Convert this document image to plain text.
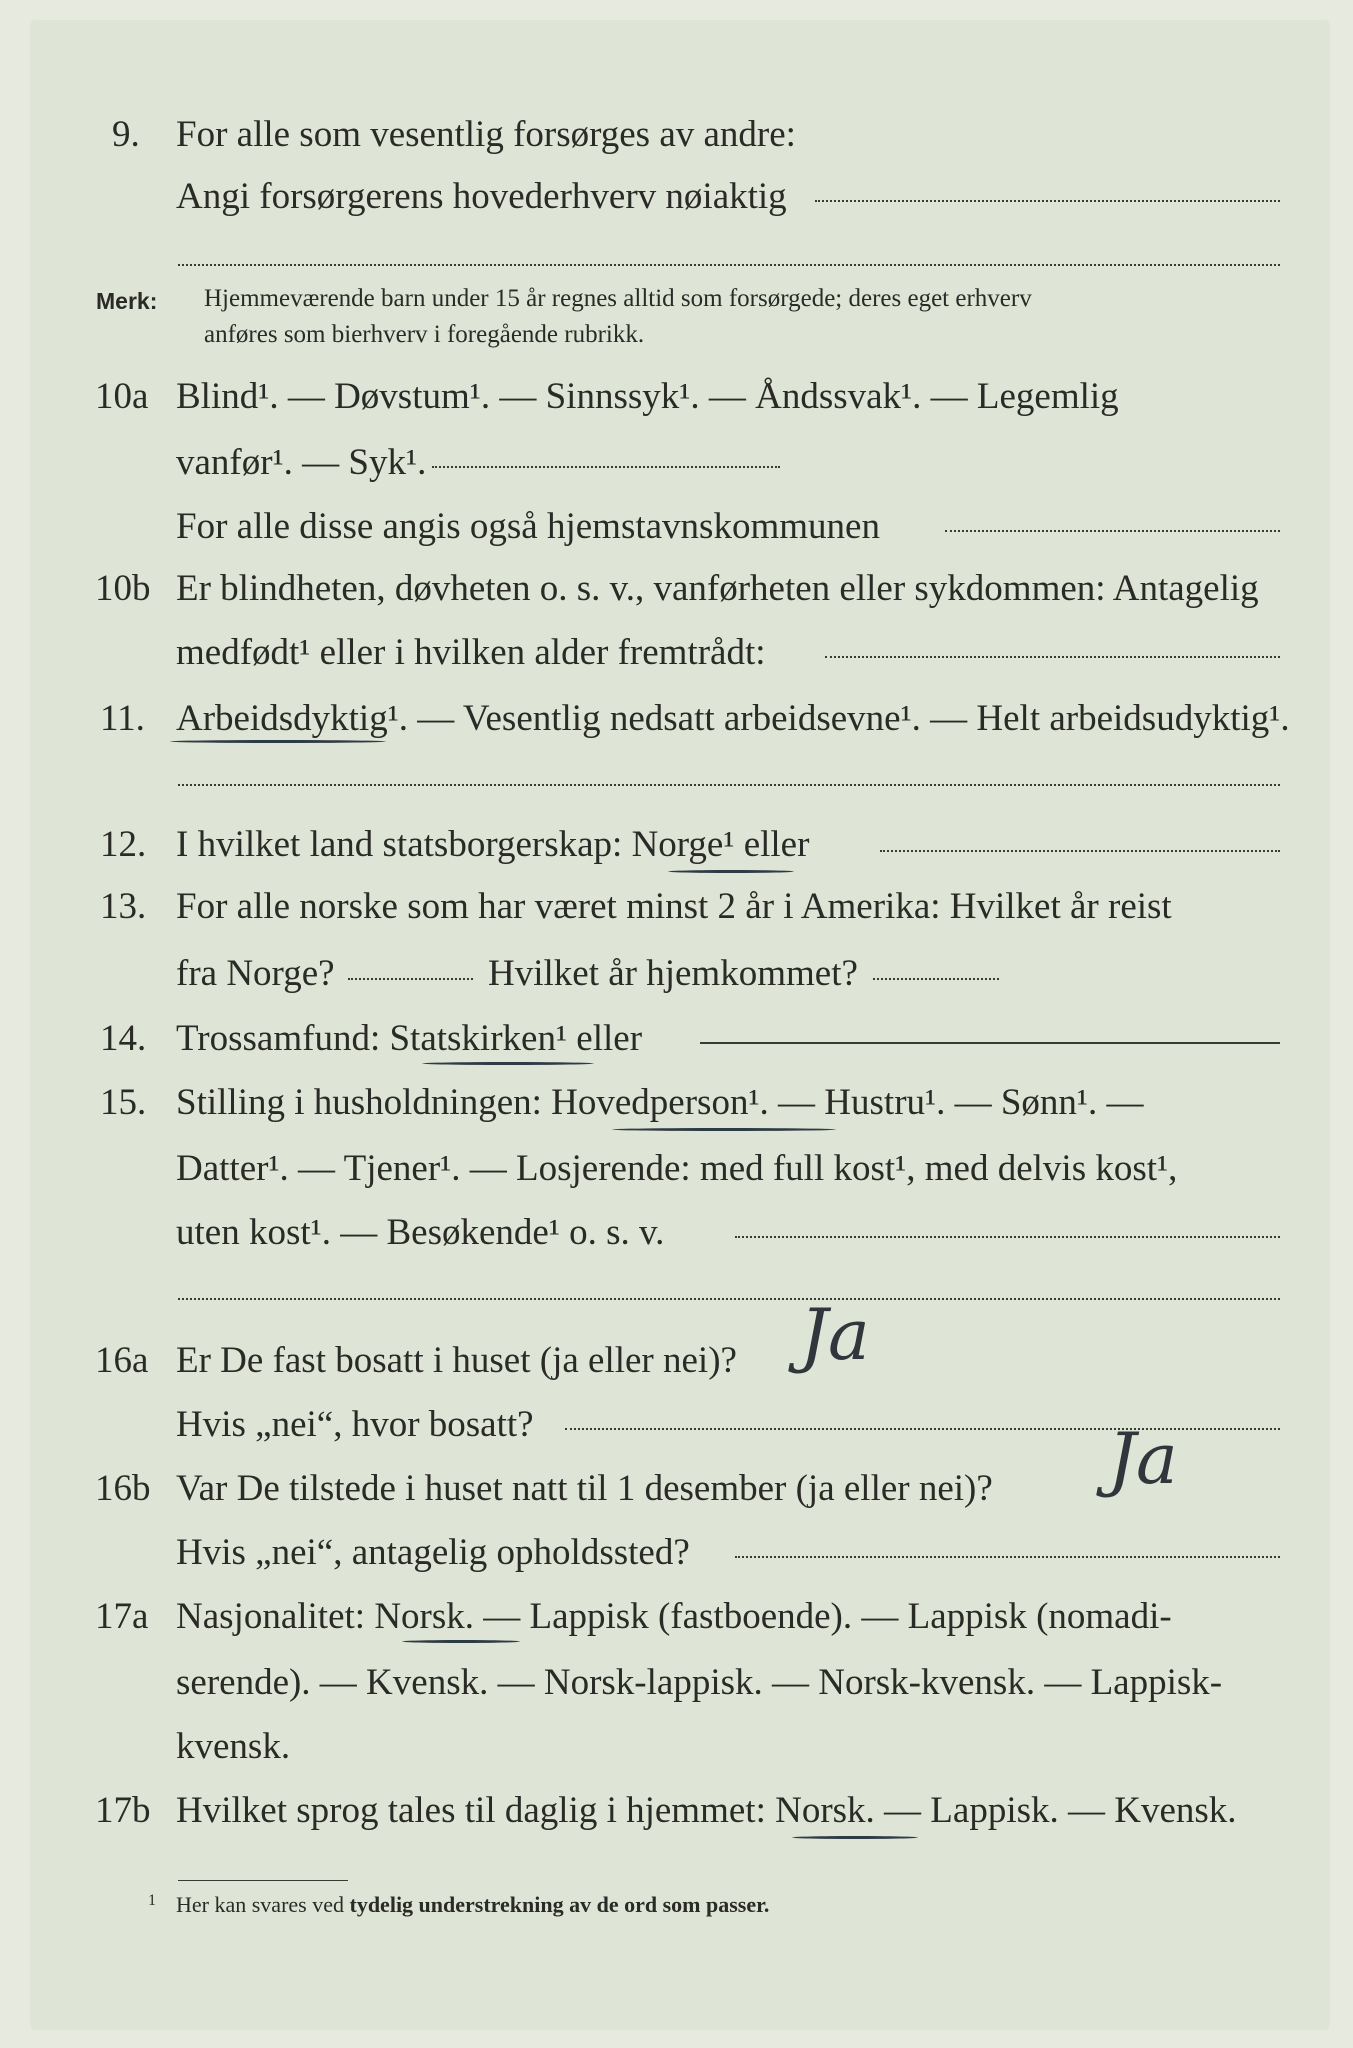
9. For alle som vesentlig forsørges av andre:
Angi forsørgerens hovederhverv nøiaktig
Merk: Hjemmeværende barn under 15 år regnes alltid som forsørgede; deres eget erhverv
anføres som bierhverv i foregående rubrikk.
10a Blind¹. — Døvstum¹. — Sinnssyk¹. — Åndssvak¹. — Legemlig
vanfør¹. — Syk¹.
For alle disse angis også hjemstavnskommunen
10b Er blindheten, døvheten o. s. v., vanførheten eller sykdommen: Antagelig
medfødt¹ eller i hvilken alder fremtrådt:
11. Arbeidsdyktig¹. — Vesentlig nedsatt arbeidsevne¹. — Helt arbeidsudyktig¹.
12. I hvilket land statsborgerskap: Norge¹ eller
13. For alle norske som har været minst 2 år i Amerika: Hvilket år reist
fra Norge?	Hvilket år hjemkommet?
14. Trossamfund: Statskirken¹ eller
15. Stilling i husholdningen: Hovedperson¹. — Hustru¹. — Sønn¹. —
Datter¹. — Tjener¹. — Losjerende: med full kost¹, med delvis kost¹,
uten kost¹. — Besøkende¹ o. s. v.
16a Er De fast bosatt i huset (ja eller nei)? Ja
Hvis „nei“, hvor bosatt?
16b Var De tilstede i huset natt til 1 desember (ja eller nei)? Ja
Hvis „nei“, antagelig opholdssted?
17a Nasjonalitet: Norsk. — Lappisk (fastboende). — Lappisk (nomadi-
serende). — Kvensk. — Norsk-lappisk. — Norsk-kvensk. — Lappisk-
kvensk.
17b Hvilket sprog tales til daglig i hjemmet: Norsk. — Lappisk. — Kvensk.
1 Her kan svares ved tydelig understrekning av de ord som passer.
